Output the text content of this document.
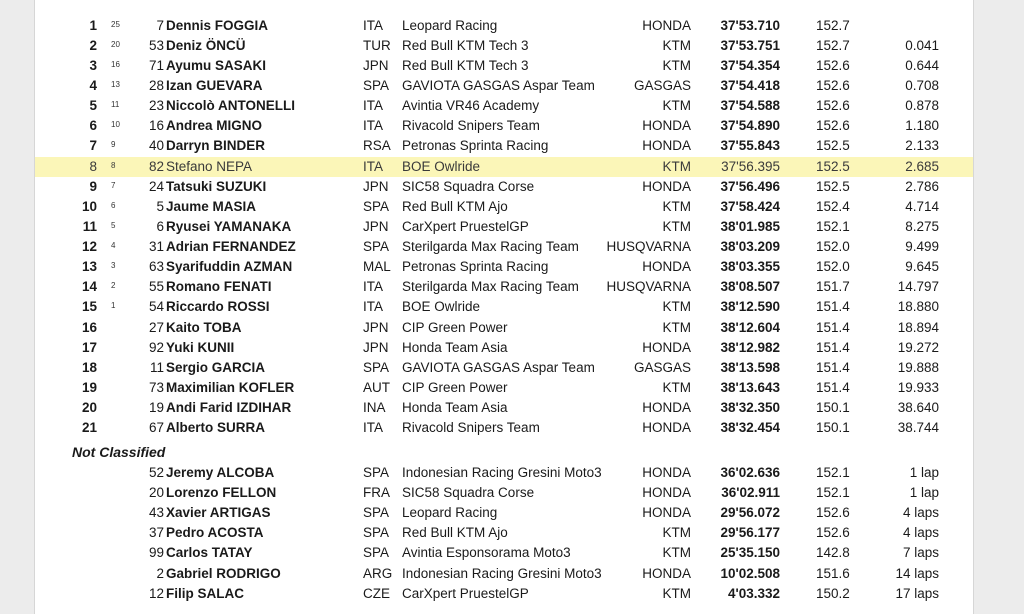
1 25	7 Dennis FOGGIA	ITA Leopard Racing	HONDA 37'53.710	152.7
2 20 53 Deniz ÖNCÜ	TUR Red Bull KTM Tech 3	KTM 37'53.751	152.7	0.041
3 16 71 Ayumu SASAKI	JPN Red Bull KTM Tech 3	KTM 37'54.354	152.6	0.644
4 13 28 Izan GUEVARA	SPA GAVIOTA GASGAS Aspar Team	GASGAS 37'54.418	152.6	0.708
5 11 23 Niccolò ANTONELLI	ITA Avintia VR46 Academy	KTM 37'54.588	152.6	0.878
6 10 16 Andrea MIGNO	ITA Rivacold Snipers Team	HONDA 37'54.890	152.6	1.180
7 9 40 Darryn BINDER	RSA Petronas Sprinta Racing	HONDA 37'55.843	152.5	2.133
8 8 82 Stefano NEPA	ITA BOE Owlride	KTM 37'56.395	152.5	2.685
9 7 24 Tatsuki SUZUKI	JPN SIC58 Squadra Corse	HONDA 37'56.496	152.5	2.786
10 6	5 Jaume MASIA	SPA Red Bull KTM Ajo	KTM 37'58.424	152.4	4.714
11 5	6 Ryusei YAMANAKA	JPN CarXpert PruestelGP	KTM 38'01.985	152.1	8.275
12 4 31 Adrian FERNANDEZ	SPA Sterilgarda Max Racing Team HUSQVARNA 38'03.209	152.0	9.499
13 3 63 Syarifuddin AZMAN	MAL Petronas Sprinta Racing	HONDA 38'03.355	152.0	9.645
14 2 55 Romano FENATI	ITA Sterilgarda Max Racing Team HUSQVARNA 38'08.507	151.7	14.797
15 1 54 Riccardo ROSSI	ITA BOE Owlride	KTM 38'12.590	151.4	18.880
16	27 Kaito TOBA	JPN CIP Green Power	KTM 38'12.604	151.4	18.894
17	92 Yuki KUNII	JPN Honda Team Asia	HONDA 38'12.982	151.4	19.272
18	11 Sergio GARCIA	SPA GAVIOTA GASGAS Aspar Team	GASGAS 38'13.598	151.4	19.888
19	73 Maximilian KOFLER	AUT CIP Green Power	KTM 38'13.643	151.4	19.933
20	19 Andi Farid IZDIHAR	INA Honda Team Asia	HONDA 38'32.350	150.1	38.640
21	67 Alberto SURRA	ITA Rivacold Snipers Team	HONDA 38'32.454	150.1	38.744
Not Classified
52 Jeremy ALCOBA	SPA Indonesian Racing Gresini Moto3	HONDA 36'02.636	152.1	1 lap
20 Lorenzo FELLON	FRA SIC58 Squadra Corse	HONDA 36'02.911	152.1	1 lap
43 Xavier ARTIGAS	SPA Leopard Racing	HONDA 29'56.072	152.6	4 laps
37 Pedro ACOSTA	SPA Red Bull KTM Ajo	KTM 29'56.177	152.6	4 laps
99 Carlos TATAY	SPA Avintia Esponsorama Moto3	KTM 25'35.150	142.8	7 laps
2 Gabriel RODRIGO	ARG Indonesian Racing Gresini Moto3	HONDA 10'02.508	151.6	14 laps
12 Filip SALAC	CZE CarXpert PruestelGP	KTM	4'03.332	150.2	17 laps
